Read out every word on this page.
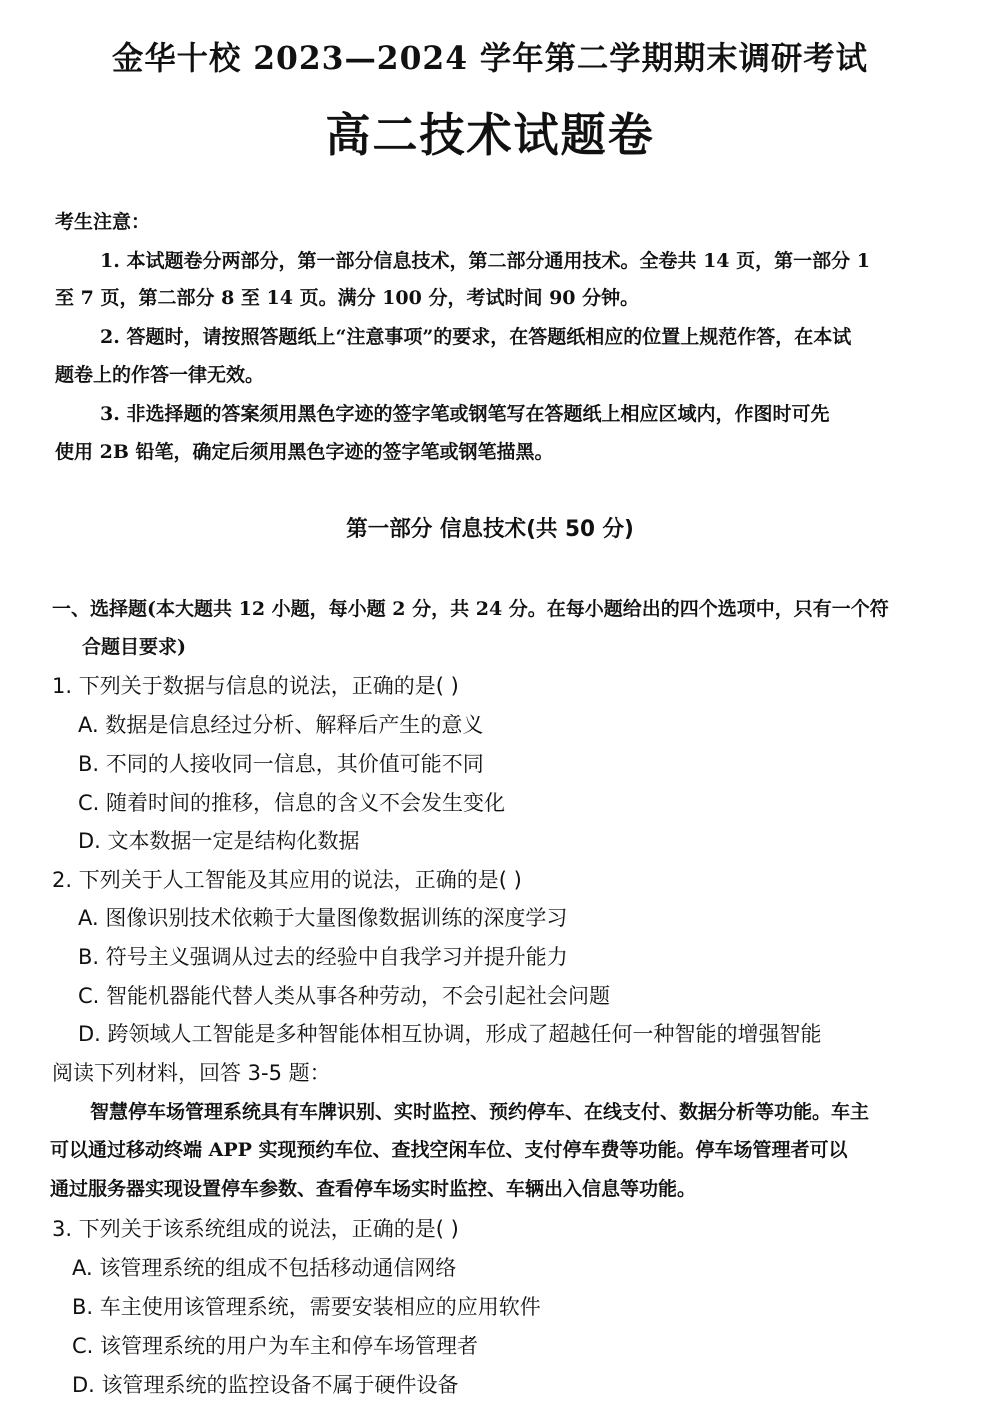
金华十校 2023—2024 学年第二学期期末调研考试
高二技术试题卷
考生注意：
1. 本试题卷分两部分，第一部分信息技术，第二部分通用技术。全卷共 14 页，第一部分 1
至 7 页，第二部分 8 至 14 页。满分 100 分，考试时间 90 分钟。
2. 答题时，请按照答题纸上“注意事项”的要求，在答题纸相应的位置上规范作答，在本试
题卷上的作答一律无效。
3. 非选择题的答案须用黑色字迹的签字笔或钢笔写在答题纸上相应区域内，作图时可先
使用 2B 铅笔，确定后须用黑色字迹的签字笔或钢笔描黑。
第一部分 信息技术(共 50 分)
一、选择题(本大题共 12 小题，每小题 2 分，共 24 分。在每小题给出的四个选项中，只有一个符
合题目要求)
1. 下列关于数据与信息的说法，正确的是( )
A. 数据是信息经过分析、解释后产生的意义
B. 不同的人接收同一信息，其价值可能不同
C. 随着时间的推移，信息的含义不会发生变化
D. 文本数据一定是结构化数据
2. 下列关于人工智能及其应用的说法，正确的是( )
A. 图像识别技术依赖于大量图像数据训练的深度学习
B. 符号主义强调从过去的经验中自我学习并提升能力
C. 智能机器能代替人类从事各种劳动，不会引起社会问题
D. 跨领域人工智能是多种智能体相互协调，形成了超越任何一种智能的增强智能
阅读下列材料，回答 3-5 题：
智慧停车场管理系统具有车牌识别、实时监控、预约停车、在线支付、数据分析等功能。车主
可以通过移动终端 APP 实现预约车位、查找空闲车位、支付停车费等功能。停车场管理者可以
通过服务器实现设置停车参数、查看停车场实时监控、车辆出入信息等功能。
3. 下列关于该系统组成的说法，正确的是( )
A. 该管理系统的组成不包括移动通信网络
B. 车主使用该管理系统，需要安装相应的应用软件
C. 该管理系统的用户为车主和停车场管理者
D. 该管理系统的监控设备不属于硬件设备
